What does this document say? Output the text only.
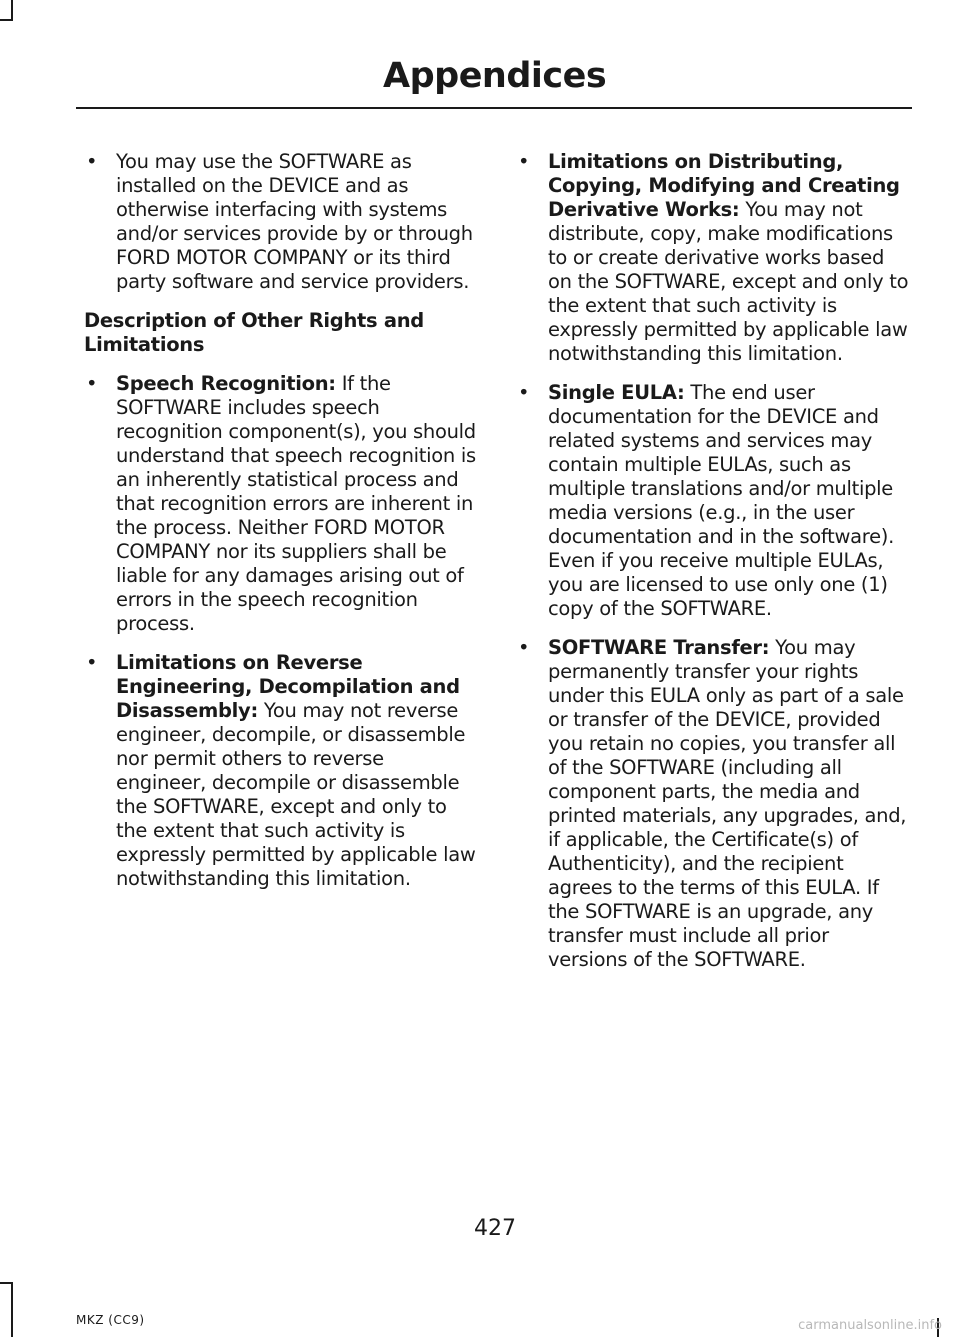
Appendices
• You may use the SOFTWARE as installed on the DEVICE and as otherwise interfacing with systems and/or services provide by or through FORD MOTOR COMPANY or its third party software and service providers.
Description of Other Rights and Limitations
• Speech Recognition: If the SOFTWARE includes speech recognition component(s), you should understand that speech recognition is an inherently statistical process and that recognition errors are inherent in the process. Neither FORD MOTOR COMPANY nor its suppliers shall be liable for any damages arising out of errors in the speech recognition process.
• Limitations on Reverse Engineering, Decompilation and Disassembly: You may not reverse engineer, decompile, or disassemble nor permit others to reverse engineer, decompile or disassemble the SOFTWARE, except and only to the extent that such activity is expressly permitted by applicable law notwithstanding this limitation.
• Limitations on Distributing, Copying, Modifying and Creating Derivative Works: You may not distribute, copy, make modifications to or create derivative works based on the SOFTWARE, except and only to the extent that such activity is expressly permitted by applicable law notwithstanding this limitation.
• Single EULA: The end user documentation for the DEVICE and related systems and services may contain multiple EULAs, such as multiple translations and/or multiple media versions (e.g., in the user documentation and in the software). Even if you receive multiple EULAs, you are licensed to use only one (1) copy of the SOFTWARE.
• SOFTWARE Transfer: You may permanently transfer your rights under this EULA only as part of a sale or transfer of the DEVICE, provided you retain no copies, you transfer all of the SOFTWARE (including all component parts, the media and printed materials, any upgrades, and, if applicable, the Certificate(s) of Authenticity), and the recipient agrees to the terms of this EULA. If the SOFTWARE is an upgrade, any transfer must include all prior versions of the SOFTWARE.
427
MKZ (CC9)	carmanualsonline.info
